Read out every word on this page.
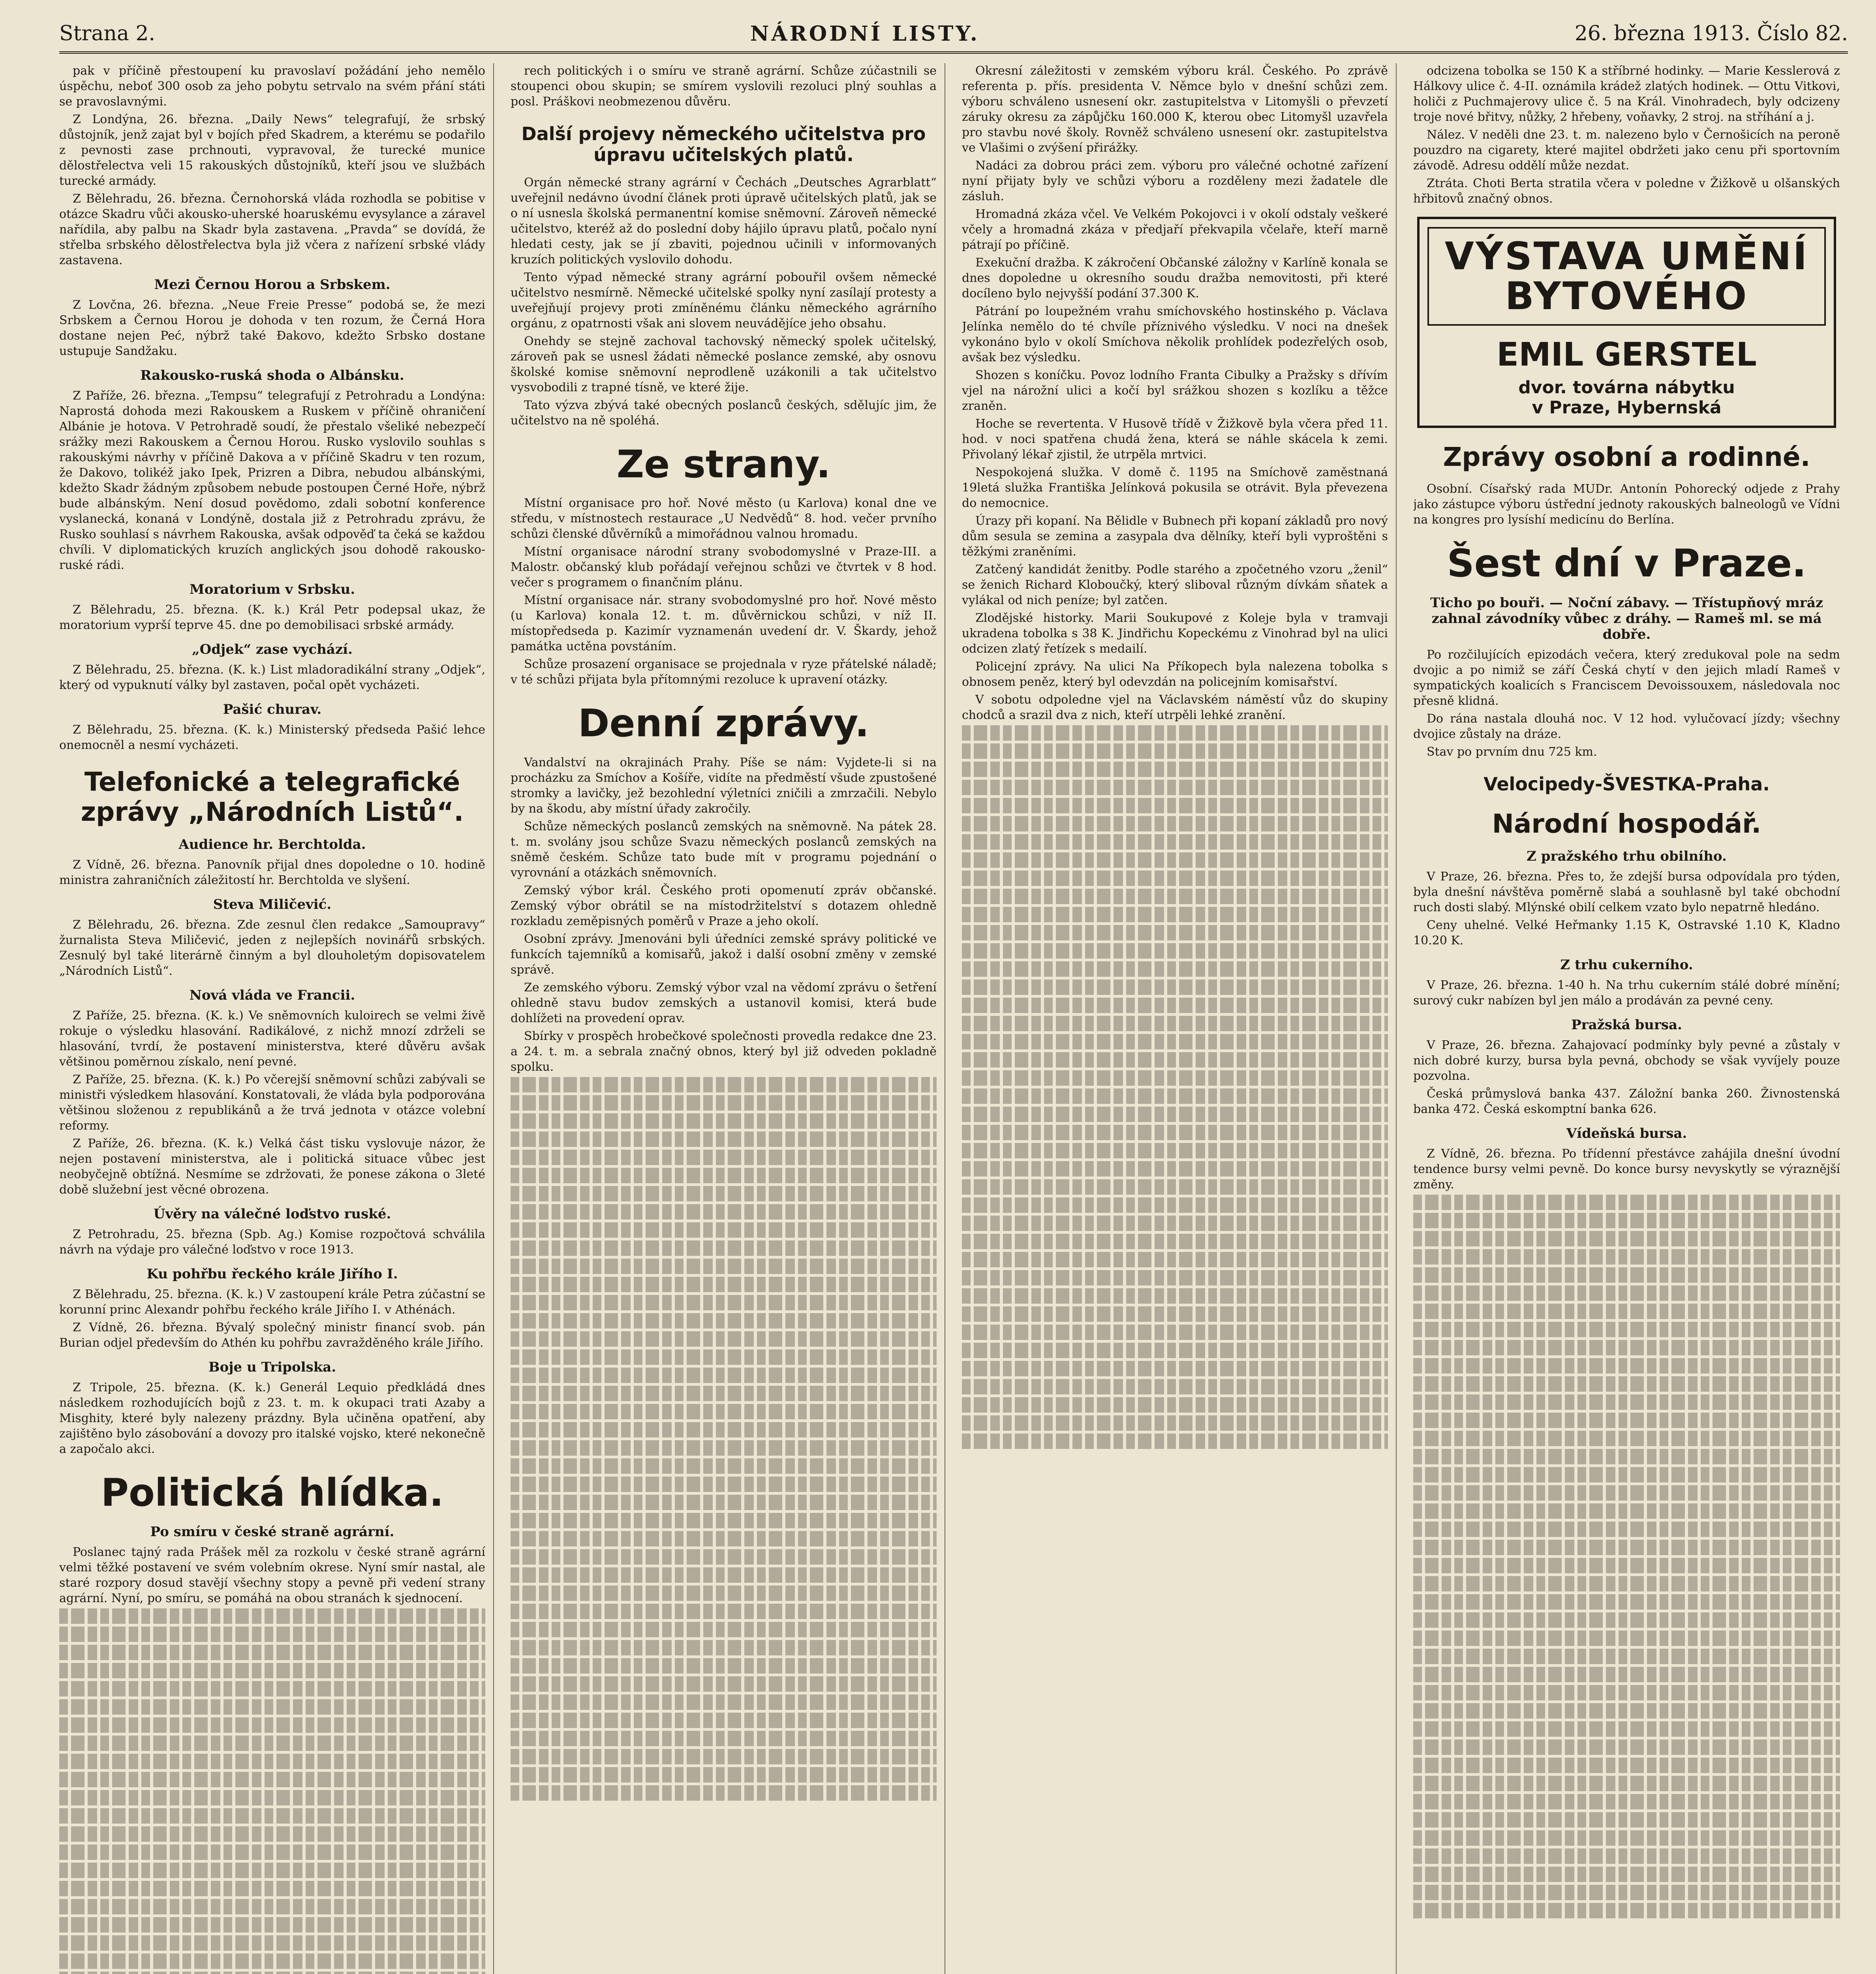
Strana 2.	NÁRODNÍ LISTY.	26. března 1913. Číslo 82.

pak v příčině přestoupení ku pravoslaví požádání jeho nemělo úspěchu, neboť 300 osob za jeho pobytu setrvalo na svém přání státi se pravoslavnými.

Z Londýna, 26. března. „Daily News“ telegrafují, že srbský důstojník, jenž zajat byl v bojích před Skadrem, a kterému se podařilo z pevnosti zase prchnouti, vypravoval, že turecké munice dělostřelectva veli 15 rakouských důstojníků, kteří jsou ve službách turecké armády.

Z Bělehradu, 26. března. Černohorská vláda rozhodla se pobitise v otázce Skadru vůči akousko-uherské hoaruskému evysylance a záravel nařídila, aby palbu na Skadr byla zastavena. „Pravda“ se dovídá, že střelba srbského dělostřelectva byla již včera z nařízení srbské vlády zastavena.

Mezi Černou Horou a Srbskem.

Z Lovčna, 26. března. „Neue Freie Presse“ podobá se, že mezi Srbskem a Černou Horou je dohoda v ten rozum, že Černá Hora dostane nejen Peć, nýbrž také Đakovo, kdežto Srbsko dostane ustupuje Sandžaku.

Rakousko-ruská shoda o Albánsku.

Z Paříže, 26. března. „Tempsu“ telegrafují z Petrohradu a Londýna: Naprostá dohoda mezi Rakouskem a Ruskem v příčině ohraničení Albánie je hotova. V Petrohradě soudí, že přestalo všeliké nebezpečí srážky mezi Rakouskem a Černou Horou. Rusko vyslovilo souhlas s rakouskými návrhy v příčině Dakova a v příčině Skadru v ten rozum, že Dakovo, tolikéž jako Ipek, Prizren a Dibra, nebudou albánskými, kdežto Skadr žádným způsobem nebude postoupen Černé Hoře, nýbrž bude albánským. Není dosud povědomo, zdali sobotní konference vyslanecká, konaná v Londýně, dostala již z Petrohradu zprávu, že Rusko souhlasí s návrhem Rakouska, avšak odpověď ta čeká se každou chvíli. V diplomatických kruzích anglických jsou dohodě rakousko-ruské rádi.

Moratorium v Srbsku.

Z Bělehradu, 25. března. (K. k.) Král Petr podepsal ukaz, že moratorium vyprší teprve 45. dne po demobilisaci srbské armády.

„Odjek“ zase vychází.

Z Bělehradu, 25. března. (K. k.) List mladoradikální strany „Odjek“, který od vypuknutí války byl zastaven, počal opět vycházeti.

Pašić churav.

Z Bělehradu, 25. března. (K. k.) Ministerský předseda Pašić lehce onemocněl a nesmí vycházeti.

Telefonické a telegrafické zprávy „Národních Listů“.
Audience hr. Berchtolda.

Z Vídně, 26. března. Panovník přijal dnes dopoledne o 10. hodině ministra zahraničních záležitostí hr. Berchtolda ve slyšení.

Steva Miličević.

Z Bělehradu, 26. března. Zde zesnul člen redakce „Samoupravy“ žurnalista Steva Miličević, jeden z nejlepších novinářů srbských. Zesnulý byl také literárně činným a byl dlouholetým dopisovatelem „Národních Listů“.

Nová vláda ve Francii.

Z Paříže, 25. března. (K. k.) Ve sněmovních kuloirech se velmi živě rokuje o výsledku hlasování. Radikálové, z nichž mnozí zdrželi se hlasování, tvrdí, že postavení ministerstva, které důvěru avšak většinou poměrnou získalo, není pevné.

Z Paříže, 25. března. (K. k.) Po včerejší sněmovní schůzi zabývali se ministři výsledkem hlasování. Konstatovali, že vláda byla podporována většinou složenou z republikánů a že trvá jednota v otázce volební reformy.

Z Paříže, 26. března. (K. k.) Velká část tisku vyslovuje názor, že nejen postavení ministerstva, ale i politická situace vůbec jest neobyčejně obtížná. Nesmíme se zdržovati, že ponese zákona o 3leté době služební jest věcné obrozena.

Úvěry na válečné loďstvo ruské.

Z Petrohradu, 25. března (Spb. Ag.) Komise rozpočtová schválila návrh na výdaje pro válečné loďstvo v roce 1913.

Ku pohřbu řeckého krále Jiřího I.

Z Bělehradu, 25. března. (K. k.) V zastoupení krále Petra zúčastní se korunní princ Alexandr pohřbu řeckého krále Jiřího I. v Athénách.

Z Vídně, 26. března. Bývalý společný ministr financí svob. pán Burian odjel především do Athén ku pohřbu zavražděného krále Jiřího.

Boje u Tripolska.

Z Tripole, 25. března. (K. k.) Generál Lequio předkládá dnes následkem rozhodujících bojů z 23. t. m. k okupaci trati Azaby a Misghity, které byly nalezeny prázdny. Byla učiněna opatření, aby zajištěno bylo zásobování a dovozy pro italské vojsko, které nekonečně a započalo akci.

Politická hlídka.
Po smíru v české straně agrární.

Poslanec tajný rada Prášek měl za rozkolu v české straně agrární velmi těžké postavení ve svém volebním okrese. Nyní smír nastal, ale staré rozpory dosud stavějí všechny stopy a pevně při vedení strany agrární. Nyní, po smíru, se pomáhá na obou stranách k sjednocení.

rech politických i o smíru ve straně agrární. Schůze zúčastnili se stoupenci obou skupin; se smírem vyslovili rezoluci plný souhlas a posl. Práškovi neobmezenou důvěru.

Další projevy německého učitelstva pro úpravu učitelských platů.

Orgán německé strany agrární v Čechách „Deutsches Agrarblatt“ uveřejnil nedávno úvodní článek proti úpravě učitelských platů, jak se o ní usnesla školská permanentní komise sněmovní. Zároveň německé učitelstvo, kteréž až do poslední doby hájilo úpravu platů, počalo nyní hledati cesty, jak se jí zbaviti, pojednou učinili v informovaných kruzích politických vyslovilo dohodu.

Tento výpad německé strany agrární pobouřil ovšem německé učitelstvo nesmírně. Německé učitelské spolky nyní zasílají protesty a uveřejňují projevy proti zmíněnému článku německého agrárního orgánu, z opatrnosti však ani slovem neuvádějíce jeho obsahu.

Onehdy se stejně zachoval tachovský německý spolek učitelský, zároveň pak se usnesl žádati německé poslance zemské, aby osnovu školské komise sněmovní neprodleně uzákonili a tak učitelstvo vysvobodili z trapné tísně, ve které žije.

Tato výzva zbývá také obecných poslanců českých, sdělujíc jim, že učitelstvo na ně spoléhá.

Ze strany.

Místní organisace pro hoř. Nové město (u Karlova) konal dne ve středu, v místnostech restaurace „U Nedvědů“ 8. hod. večer prvního schůzi členské důvěrníků a mimořádnou valnou hromadu.

Místní organisace národní strany svobodomyslné v Praze-III. a Malostr. občanský klub pořádají veřejnou schůzi ve čtvrtek v 8 hod. večer s programem o finančním plánu.

Místní organisace nár. strany svobodomyslné pro hoř. Nové město (u Karlova) konala 12. t. m. důvěrnickou schůzi, v níž II. místopředseda p. Kazimír vyznamenán uvedení dr. V. Škardy, jehož památka uctěna povstáním.

Schůze prosazení organisace se projednala v ryze přátelské náladě; v té schůzi přijata byla přítomnými rezoluce k upravení otázky.

Denní zprávy.

Vandalství na okrajinách Prahy. Píše se nám: Vyjdete-li si na procházku za Smíchov a Košíře, vidíte na předměstí všude zpustošené stromky a lavičky, jež bezohlední výletníci zničili a zmrzačili. Nebylo by na škodu, aby místní úřady zakročily.

Schůze německých poslanců zemských na sněmovně. Na pátek 28. t. m. svolány jsou schůze Svazu německých poslanců zemských na sněmě českém. Schůze tato bude mít v programu pojednání o vyrovnání a otázkách sněmovních.

Zemský výbor král. Českého proti opomenutí zpráv občanské. Zemský výbor obrátil se na místodržitelství s dotazem ohledně rozkladu zeměpisných poměrů v Praze a jeho okolí.

Osobní zprávy. Jmenováni byli úředníci zemské správy politické ve funkcích tajemníků a komisařů, jakož i další osobní změny v zemské správě.

Ze zemského výboru. Zemský výbor vzal na vědomí zprávu o šetření ohledně stavu budov zemských a ustanovil komisi, která bude dohlížeti na provedení oprav.

Sbírky v prospěch hrobečkové společnosti provedla redakce dne 23. a 24. t. m. a sebrala značný obnos, který byl již odveden pokladně spolku.

Okresní záležitosti v zemském výboru král. Českého. Po zprávě referenta p. přís. presidenta V. Němce bylo v dnešní schůzi zem. výboru schváleno usnesení okr. zastupitelstva v Litomyšli o převzetí záruky okresu za zápůjčku 160.000 K, kterou obec Litomyšl uzavřela pro stavbu nové školy. Rovněž schváleno usnesení okr. zastupitelstva ve Vlašimi o zvýšení přirážky.

Nadáci za dobrou práci zem. výboru pro válečné ochotné zařízení nyní přijaty byly ve schůzi výboru a rozděleny mezi žadatele dle zásluh.

Hromadná zkáza včel. Ve Velkém Pokojovci i v okolí odstaly veškeré včely a hromadná zkáza v předjaří překvapila včelaře, kteří marně pátrají po příčině.

Exekuční dražba. K zákročení Občanské záložny v Karlíně konala se dnes dopoledne u okresního soudu dražba nemovitosti, při které docíleno bylo nejvyšší podání 37.300 K.

Pátrání po loupežném vrahu smíchovského hostinského p. Václava Jelínka nemělo do té chvíle příznivého výsledku. V noci na dnešek vykonáno bylo v okolí Smíchova několik prohlídek podezřelých osob, avšak bez výsledku.

Shozen s koníčku. Povoz lodního Franta Cibulky a Pražsky s dřívím vjel na nárožní ulici a kočí byl srážkou shozen s kozlíku a těžce zraněn.

Hoche se revertenta. V Husově třídě v Žižkově byla včera před 11. hod. v noci spatřena chudá žena, která se náhle skácela k zemi. Přivolaný lékař zjistil, že utrpěla mrtvici.

Nespokojená služka. V domě č. 1195 na Smíchově zaměstnaná 19letá služka Františka Jelínková pokusila se otrávit. Byla převezena do nemocnice.

Úrazy při kopaní. Na Bělidle v Bubnech při kopaní základů pro nový dům sesula se zemina a zasypala dva dělníky, kteří byli vyproštěni s těžkými zraněními.

Zatčený kandidát ženitby. Podle starého a zpočetného vzoru „ženil“ se ženich Richard Kloboučký, který sliboval různým dívkám sňatek a vylákal od nich peníze; byl zatčen.

Zlodějské historky. Marii Soukupové z Koleje byla v tramvaji ukradena tobolka s 38 K. Jindřichu Kopeckému z Vinohrad byl na ulici odcizen zlatý řetízek s medailí.

Policejní zprávy. Na ulici Na Příkopech byla nalezena tobolka s obnosem peněz, který byl odevzdán na policejním komisařství.

V sobotu odpoledne vjel na Václavském náměstí vůz do skupiny chodců a srazil dva z nich, kteří utrpěli lehké zranění.

odcizena tobolka se 150 K a stříbrné hodinky. — Marie Kesslerová z Hálkovy ulice č. 4-II. oznámila krádež zlatých hodinek. — Ottu Vitkovi, holiči z Puchmajerovy ulice č. 5 na Král. Vinohradech, byly odcizeny troje nové břitvy, nůžky, 2 hřebeny, voňavky, 2 stroj. na stříhání a j.

Nález. V neděli dne 23. t. m. nalezeno bylo v Černošicích na peroně pouzdro na cigarety, které majitel obdržeti jako cenu při sportovním závodě. Adresu oddělí může nezdat.

Ztráta. Choti Berta stratila včera v poledne v Žižkově u olšanských hřbitovů značný obnos.

VÝSTAVA UMĚNÍ
BYTOVÉHO
EMIL GERSTEL
dvor. továrna nábytku
v Praze, Hybernská
Zprávy osobní a rodinné.

Osobní. Císařský rada MUDr. Antonín Pohorecký odjede z Prahy jako zástupce výboru ústřední jednoty rakouských balneologů ve Vídni na kongres pro lysíshí medicínu do Berlína.

Šest dní v Praze.
Ticho po bouři. — Noční zábavy. — Třístupňový mráz zahnal závodníky vůbec z dráhy. — Rameš ml. se má dobře.

Po rozčilujících epizodách večera, který zredukoval pole na sedm dvojic a po nimiž se září Česká chytí v den jejich mladí Rameš v sympatických koalicích s Franciscem Devoissouxem, následovala noc přesně klidná.

Do rána nastala dlouhá noc. V 12 hod. vylučovací jízdy; všechny dvojice zůstaly na dráze.

Stav po prvním dnu 725 km.

Velocipedy-ŠVESTKA-Praha.
Národní hospodář.
Z pražského trhu obilního.

V Praze, 26. března. Přes to, že zdejší bursa odpovídala pro týden, byla dnešní návštěva poměrně slabá a souhlasně byl také obchodní ruch dosti slabý. Mlýnské obilí celkem vzato bylo nepatrně hledáno.

Ceny uhelné. Velké Heřmanky 1.15 K, Ostravské 1.10 K, Kladno 10.20 K.

Z trhu cukerního.

V Praze, 26. března. 1-40 h. Na trhu cukerním stálé dobré mínění; surový cukr nabízen byl jen málo a prodáván za pevné ceny.

Pražská bursa.

V Praze, 26. března. Zahajovací podmínky byly pevné a zůstaly v nich dobré kurzy, bursa byla pevná, obchody se však vyvíjely pouze pozvolna.

Česká průmyslová banka 437. Záložní banka 260. Živnostenská banka 472. Česká eskomptní banka 626.

Vídeňská bursa.

Z Vídně, 26. března. Po třídenní přestávce zahájila dnešní úvodní tendence bursy velmi pevně. Do konce bursy nevyskytly se výraznější změny.
